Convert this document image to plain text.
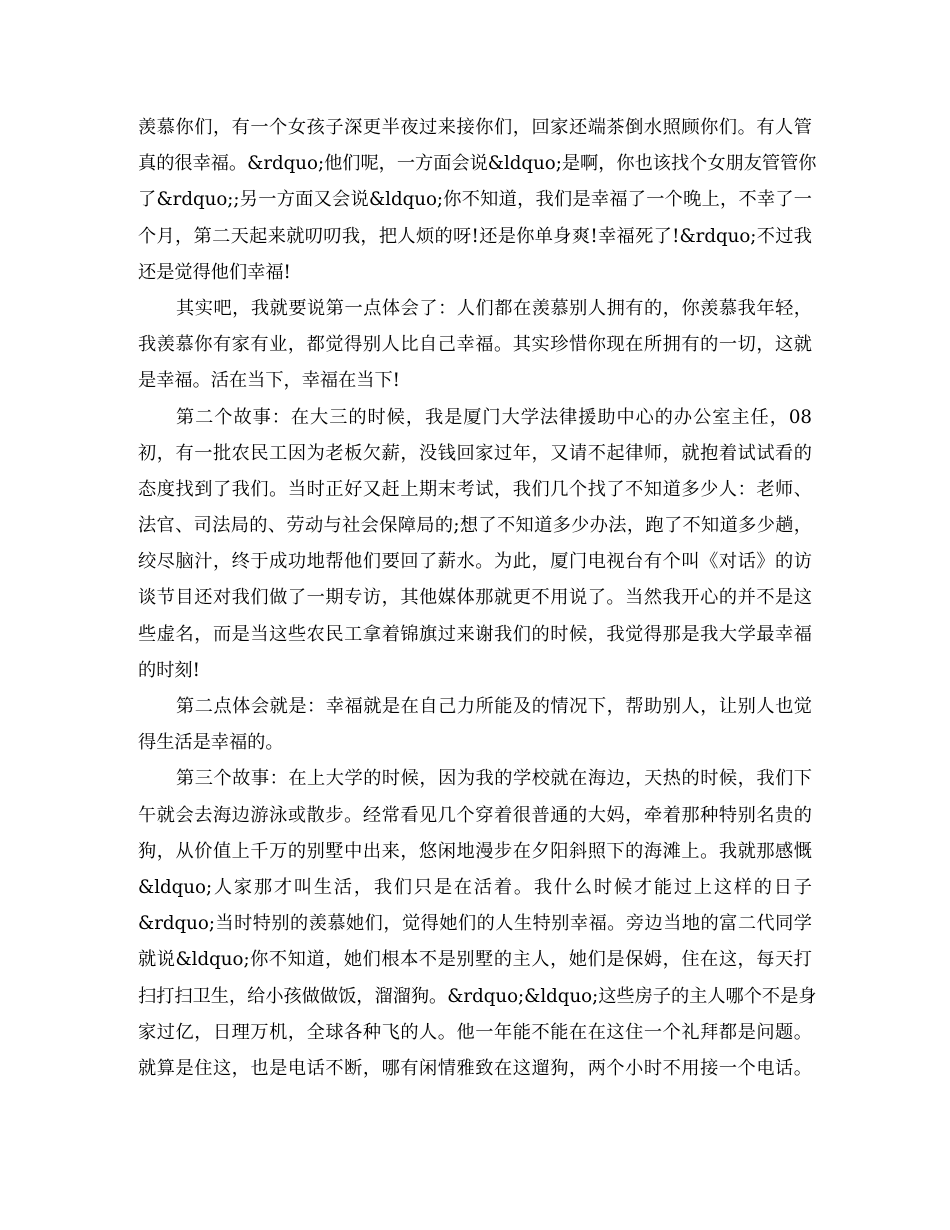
羡慕你们，有一个女孩子深更半夜过来接你们，回家还端茶倒水照顾你们。有人管
真的很幸福。&rdquo;他们呢，一方面会说&ldquo;是啊，你也该找个女朋友管管你
了&rdquo;;另一方面又会说&ldquo;你不知道，我们是幸福了一个晚上，不幸了一
个月，第二天起来就叨叨我，把人烦的呀!还是你单身爽!幸福死了!&rdquo;不过我
还是觉得他们幸福!
其实吧，我就要说第一点体会了：人们都在羡慕别人拥有的，你羡慕我年轻，
我羡慕你有家有业，都觉得别人比自己幸福。其实珍惜你现在所拥有的一切，这就
是幸福。活在当下，幸福在当下!
第二个故事：在大三的时候，我是厦门大学法律援助中心的办公室主任，08
初，有一批农民工因为老板欠薪，没钱回家过年，又请不起律师，就抱着试试看的
态度找到了我们。当时正好又赶上期末考试，我们几个找了不知道多少人：老师、
法官、司法局的、劳动与社会保障局的;想了不知道多少办法，跑了不知道多少趟，
绞尽脑汁，终于成功地帮他们要回了薪水。为此，厦门电视台有个叫《对话》的访
谈节目还对我们做了一期专访，其他媒体那就更不用说了。当然我开心的并不是这
些虚名，而是当这些农民工拿着锦旗过来谢我们的时候，我觉得那是我大学最幸福
的时刻!
第二点体会就是：幸福就是在自己力所能及的情况下，帮助别人，让别人也觉
得生活是幸福的。
第三个故事：在上大学的时候，因为我的学校就在海边，天热的时候，我们下
午就会去海边游泳或散步。经常看见几个穿着很普通的大妈，牵着那种特别名贵的
狗，从价值上千万的别墅中出来，悠闲地漫步在夕阳斜照下的海滩上。我就那感慨
&ldquo;人家那才叫生活，我们只是在活着。我什么时候才能过上这样的日子
&rdquo;当时特别的羡慕她们，觉得她们的人生特别幸福。旁边当地的富二代同学
就说&ldquo;你不知道，她们根本不是别墅的主人，她们是保姆，住在这，每天打
扫打扫卫生，给小孩做做饭，溜溜狗。&rdquo;&ldquo;这些房子的主人哪个不是身
家过亿，日理万机，全球各种飞的人。他一年能不能在在这住一个礼拜都是问题。
就算是住这，也是电话不断，哪有闲情雅致在这遛狗，两个小时不用接一个电话。
